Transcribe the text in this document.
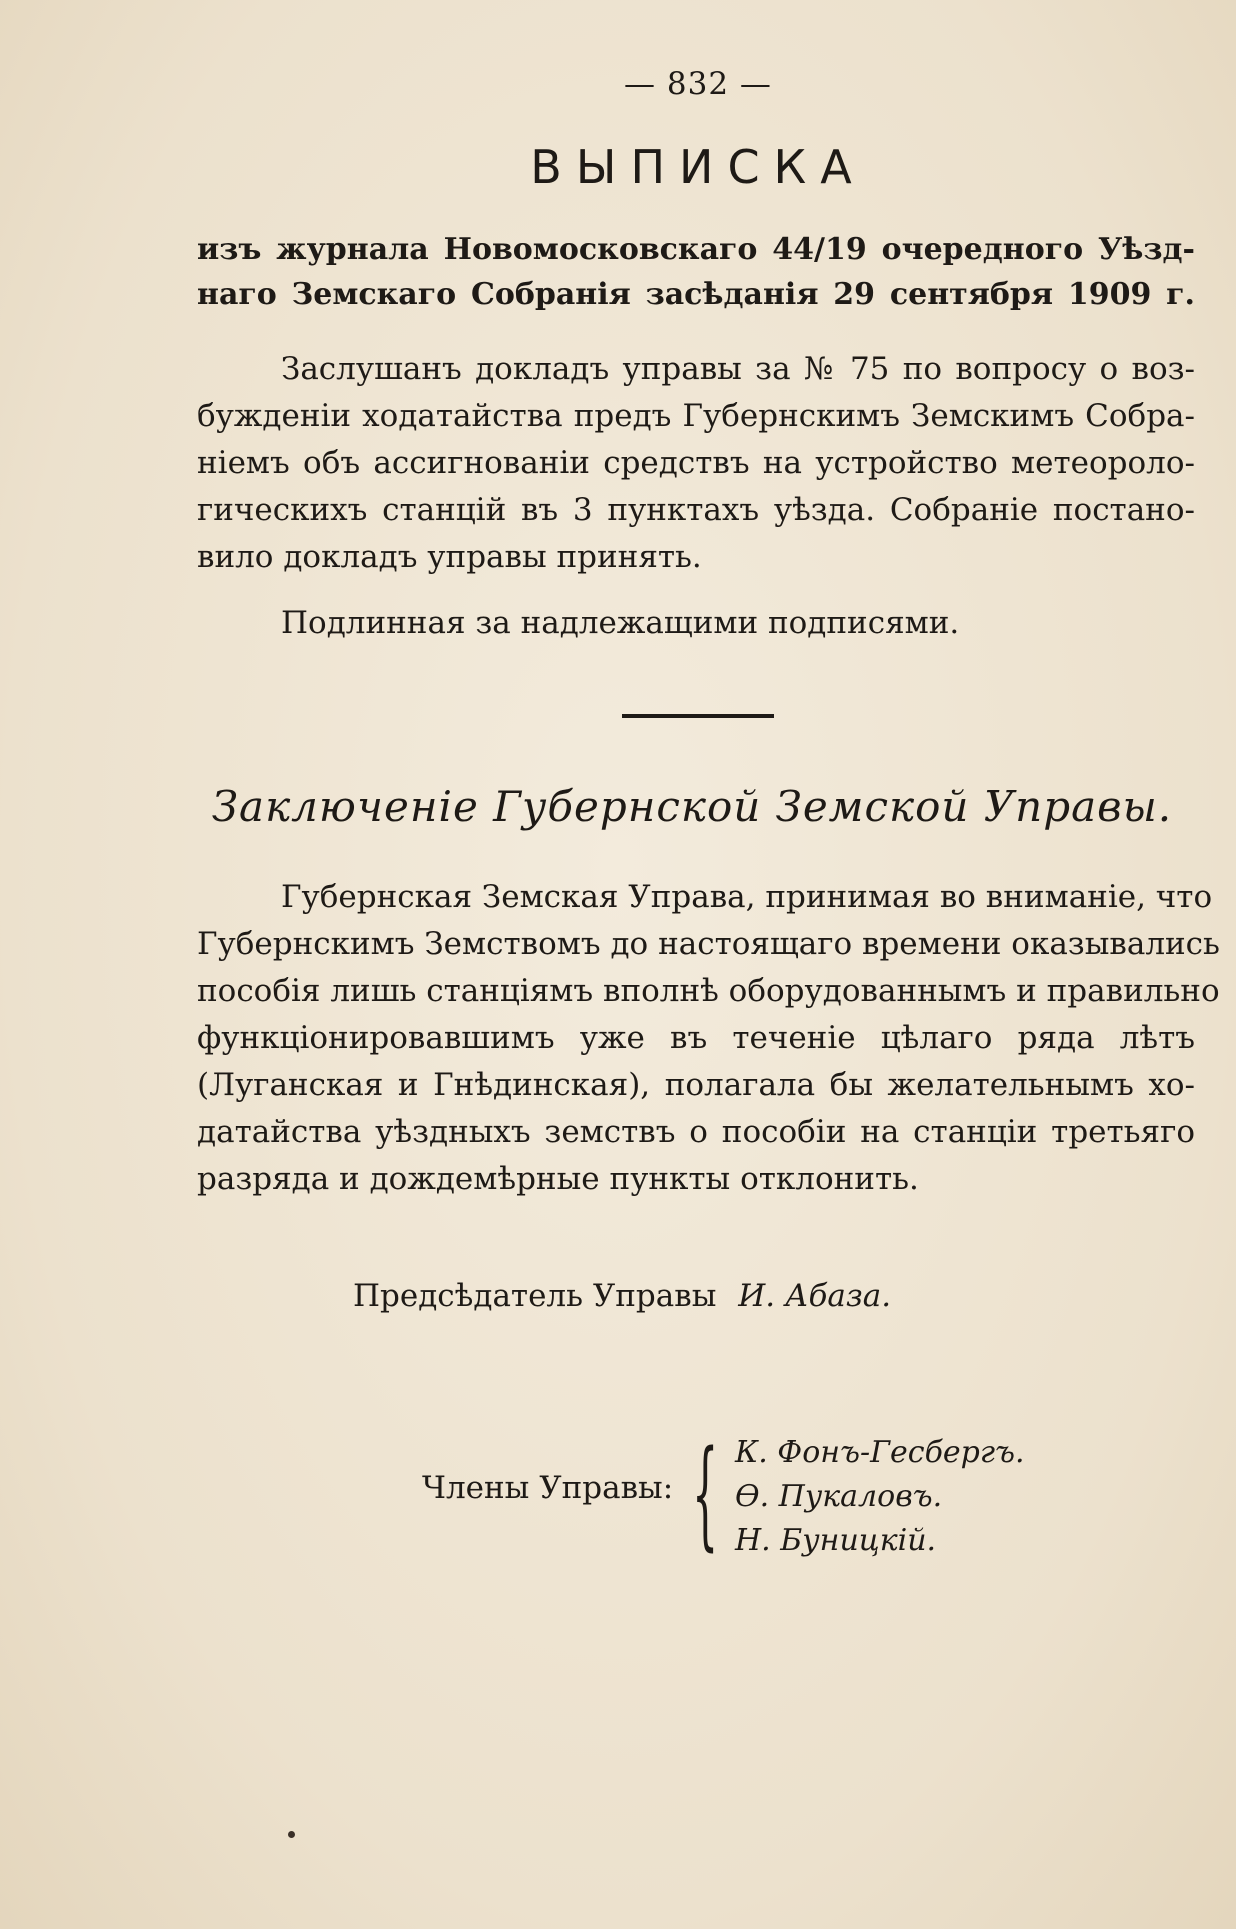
— 832 —
ВЫПИСКА
изъ журнала Новомосковскаго 44/19 очередного Уѣзд-
наго Земскаго Собранія засѣданія 29 сентября 1909 г.
Заслушанъ докладъ управы за № 75 по вопросу о воз-
бужденіи ходатайства предъ Губернскимъ Земскимъ Собра-
ніемъ объ ассигнованіи средствъ на устройство метеороло-
гическихъ станцій въ 3 пунктахъ уѣзда. Собраніе постано-
вило докладъ управы принять.
Подлинная за надлежащими подписями.
Заключеніе Губернской Земской Управы.
Губернская Земская Управа, принимая во вниманіе, что
Губернскимъ Земствомъ до настоящаго времени оказывались
пособія лишь станціямъ вполнѣ оборудованнымъ и правильно
функціонировавшимъ уже въ теченіе цѣлаго ряда лѣтъ
(Луганская и Гнѣдинская), полагала бы желательнымъ хо-
датайства уѣздныхъ земствъ о пособіи на станціи третьяго
разряда и дождемѣрные пункты отклонить.
Предсѣдатель Управы И. Абаза.
Члены Управы: { К. Фонъ-Гесбергъ.
Ѳ. Пукаловъ.
Н. Буницкій.
